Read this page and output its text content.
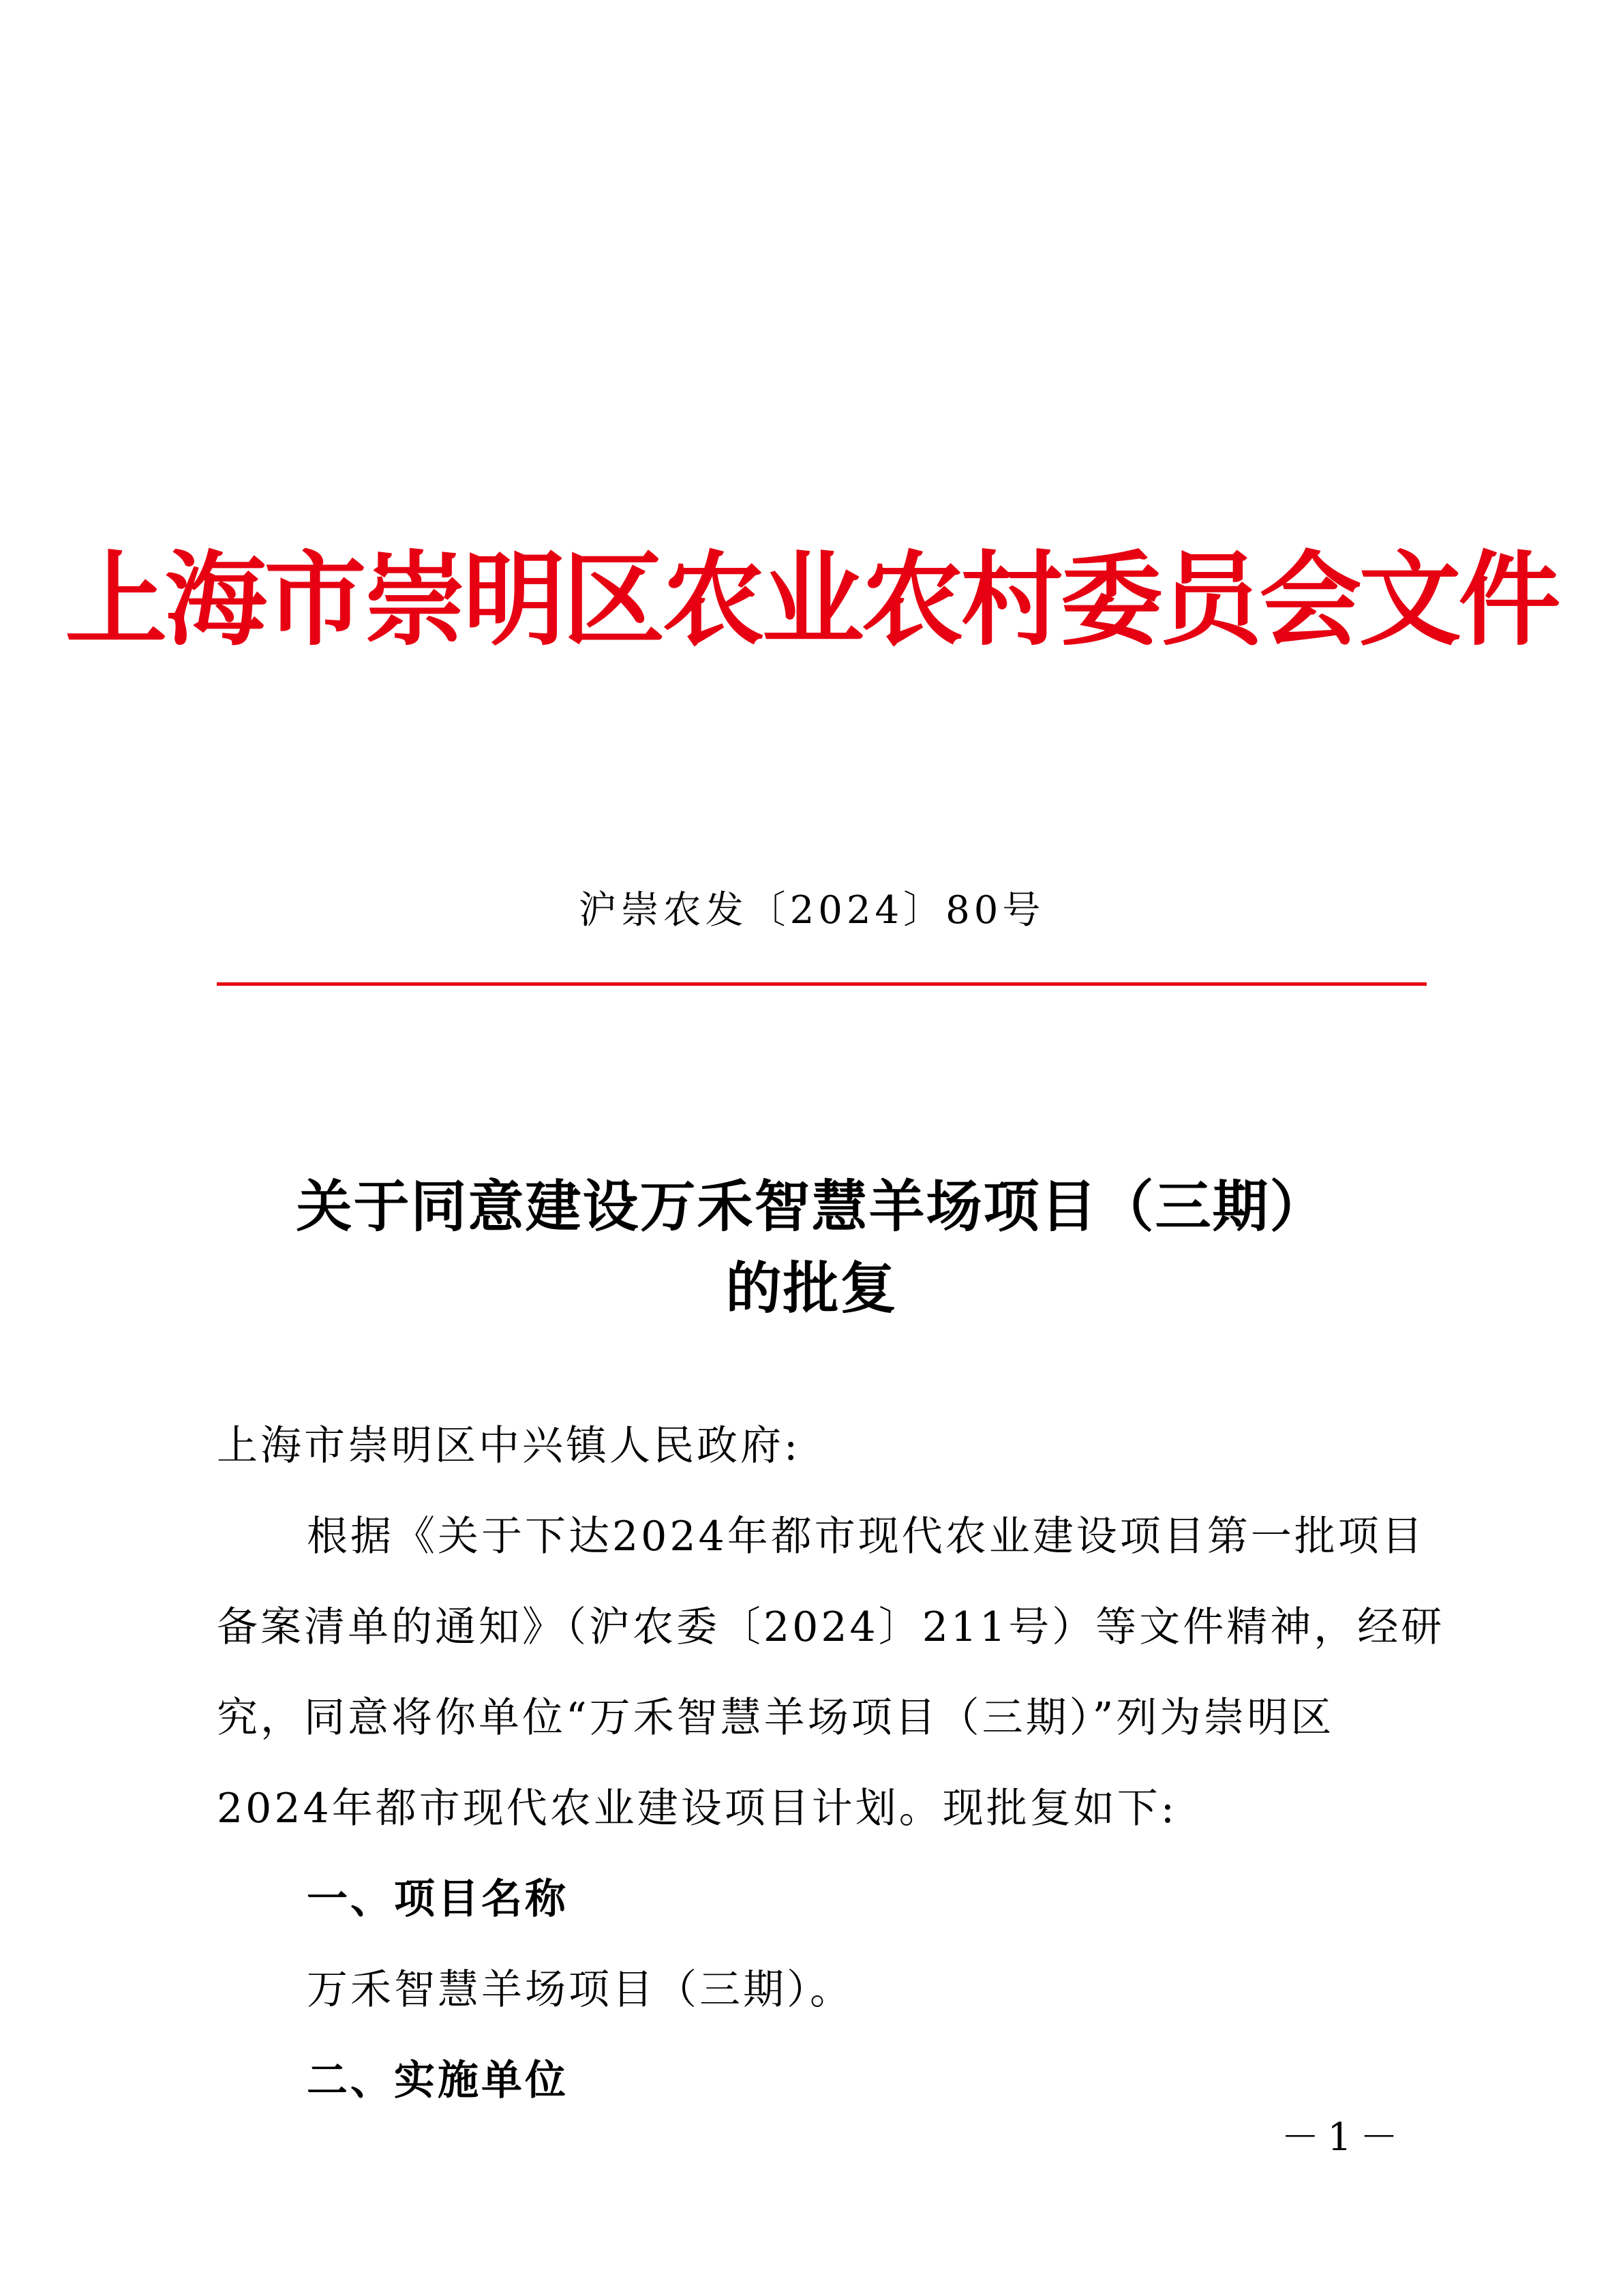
上海市崇明区农业农村委员会文件
沪崇农发〔2024〕80号
关于同意建设万禾智慧羊场项目（三期）
的批复
上海市崇明区中兴镇人民政府:
根据《关于下达2024年都市现代农业建设项目第一批项目
备案清单的通知》（沪农委〔2024〕211号）等文件精神，经研
究，同意将你单位“万禾智慧羊场项目（三期）”列为崇明区
2024年都市现代农业建设项目计划。现批复如下:
一、项目名称
万禾智慧羊场项目（三期）。
二、实施单位
－1－
